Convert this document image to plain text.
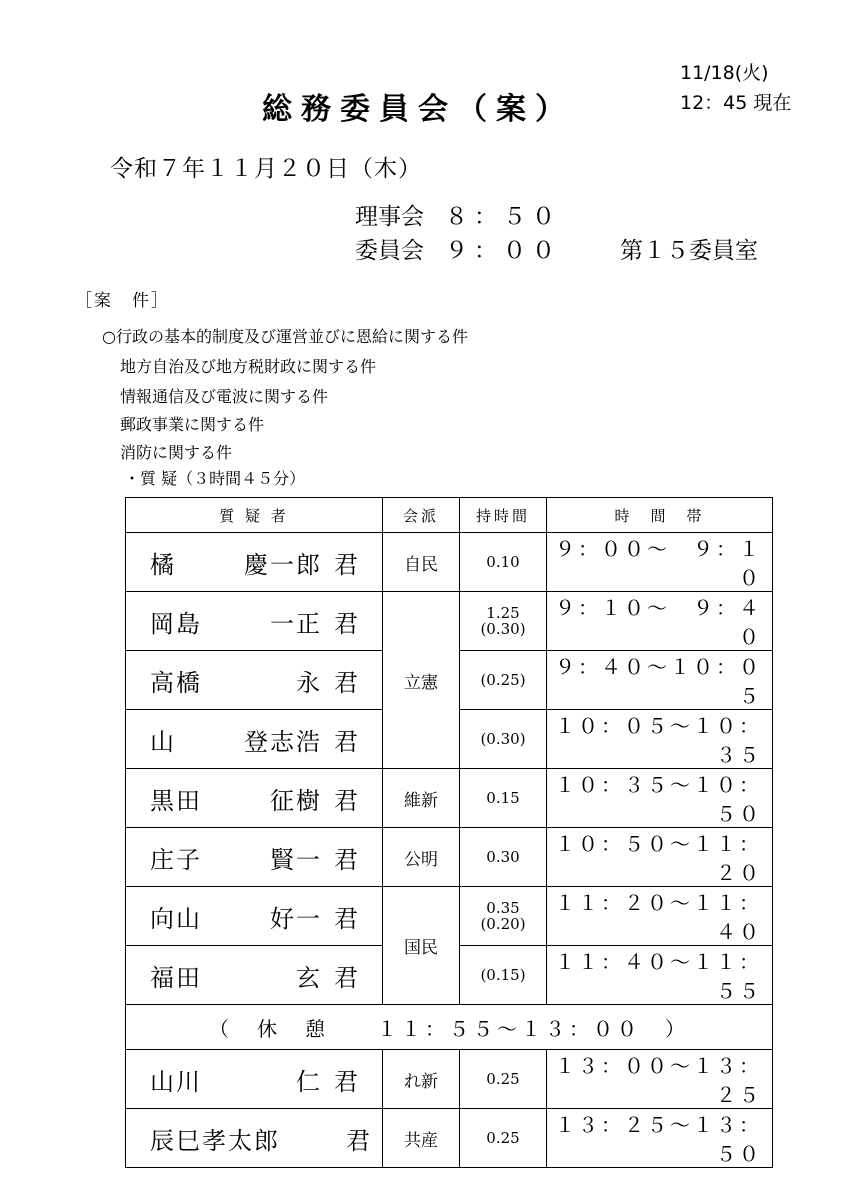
総務委員会（案）
11/18(火)
12：45 現在
令和７年１１月２０日（木）
理事会 ８：５０
委員会 ９：００	第１５委員室
［案　件］
○行政の基本的制度及び運営並びに恩給に関する件
地方自治及び地方税財政に関する件
情報通信及び電波に関する件
郵政事業に関する件
消防に関する件
・質 疑（３時間４５分）
質 疑 者	会派	持時間	時　間　帯
橘 慶一郎 君	自民	0.10	９：００～　９：１０
岡島 一正 君	立憲	1.25
(0.30)	９：１０～　９：４０
高橋 永 君		(0.25)	９：４０～１０：０５
山 登志浩 君		(0.30)	１０：０５～１０：３５
黒田 征樹 君	維新	0.15	１０：３５～１０：５０
庄子 賢一 君	公明	0.30	１０：５０～１１：２０
向山 好一 君	国民	0.35
(0.20)	１１：２０～１１：４０
福田 玄 君		(0.15)	１１：４０～１１：５５
（　休　憩　　１１：５５～１３：００　）			
山川 仁 君	れ新	0.25	１３：００～１３：２５
辰巳孝太郎 君	共産	0.25	１３：２５～１３：５０
